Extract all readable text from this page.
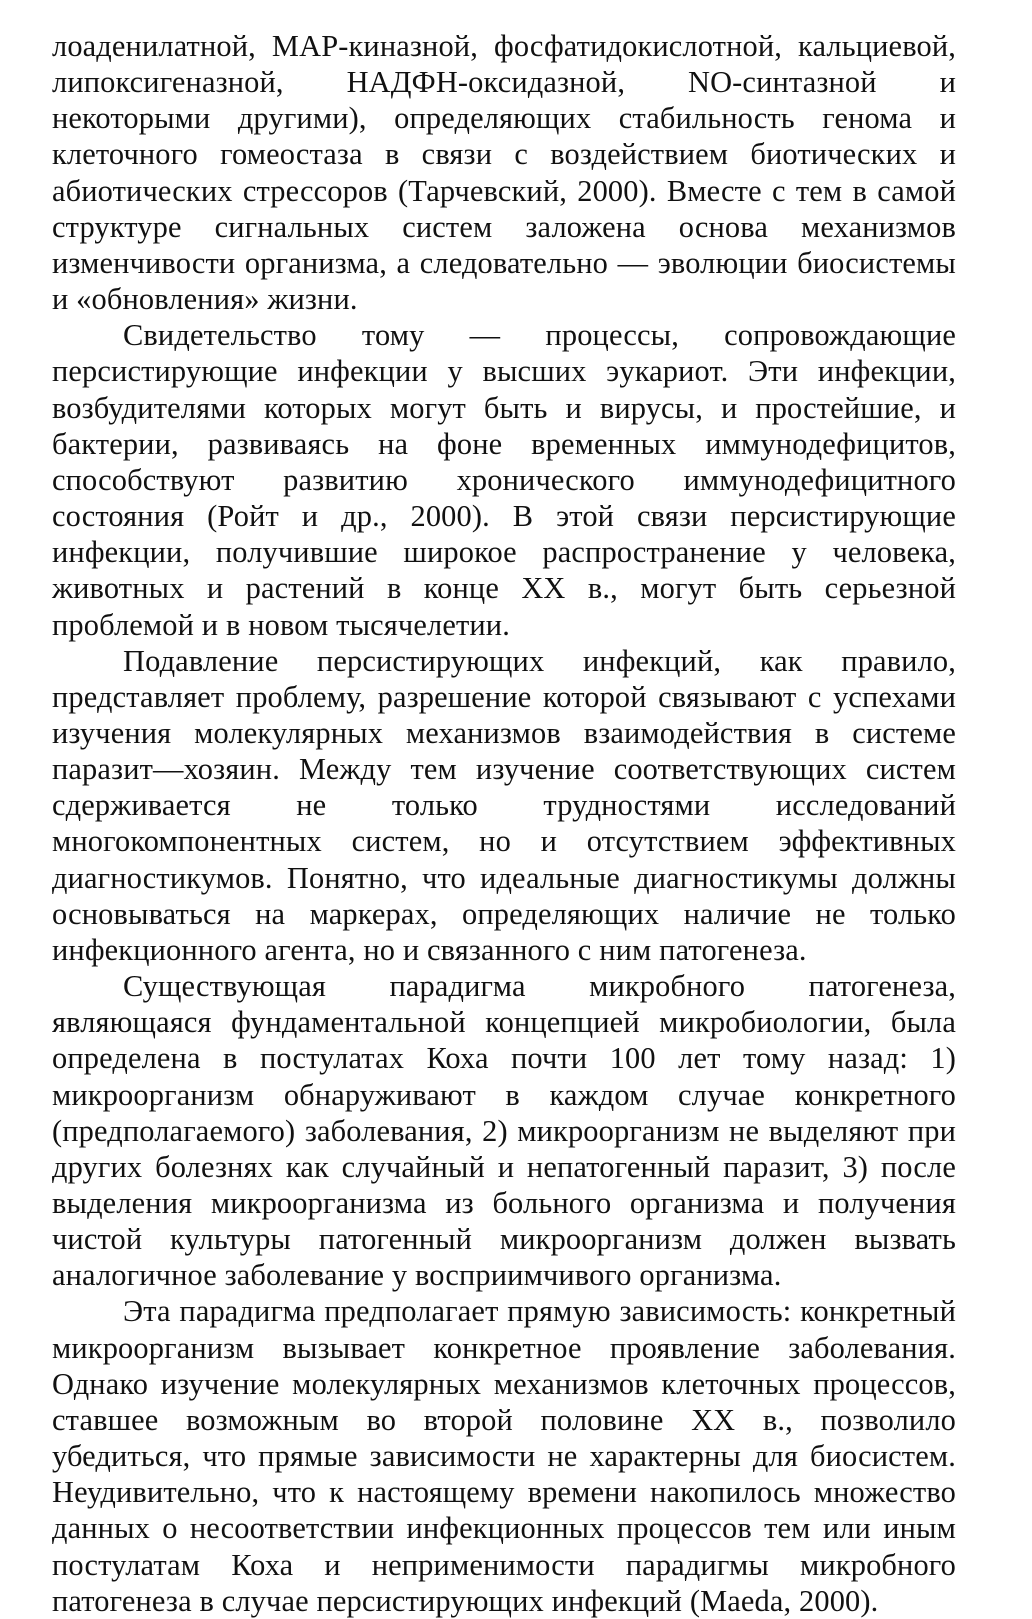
лоаденилатной, MAP-киназной, фосфатидокислотной, кальциевой, липоксигеназной, НАДФН-оксидазной, NO-синтазной и некоторыми другими), определяющих стабильность генома и клеточного гомеостаза в связи с воздействием биотических и абиотических стрессоров (Тарчевский, 2000). Вместе с тем в самой структуре сигнальных систем заложена основа механизмов изменчивости организма, а следовательно — эволюции биосистемы и «обновления» жизни.

Свидетельство тому — процессы, сопровождающие персистирующие инфекции у высших эукариот. Эти инфекции, возбудителями которых могут быть и вирусы, и простейшие, и бактерии, развиваясь на фоне временных иммунодефицитов, способствуют развитию хронического иммунодефицитного состояния (Ройт и др., 2000). В этой связи персистирующие инфекции, получившие широкое распространение у человека, животных и растений в конце XX в., могут быть серьезной проблемой и в новом тысячелетии.

Подавление персистирующих инфекций, как правило, представляет проблему, разрешение которой связывают с успехами изучения молекулярных механизмов взаимодействия в системе паразит—хозяин. Между тем изучение соответствующих систем сдерживается не только трудностями исследований многокомпонентных систем, но и отсутствием эффективных диагностикумов. Понятно, что идеальные диагностикумы должны основываться на маркерах, определяющих наличие не только инфекционного агента, но и связанного с ним патогенеза.

Существующая парадигма микробного патогенеза, являющаяся фундаментальной концепцией микробиологии, была определена в постулатах Коха почти 100 лет тому назад: 1) микроорганизм обнаруживают в каждом случае конкретного (предполагаемого) заболевания, 2) микроорганизм не выделяют при других болезнях как случайный и непатогенный паразит, 3) после выделения микроорганизма из больного организма и получения чистой культуры патогенный микроорганизм должен вызвать аналогичное заболевание у восприимчивого организма.

Эта парадигма предполагает прямую зависимость: конкретный микроорганизм вызывает конкретное проявление заболевания. Однако изучение молекулярных механизмов клеточных процессов, ставшее возможным во второй половине XX в., позволило убедиться, что прямые зависимости не характерны для биосистем. Неудивительно, что к настоящему времени накопилось множество данных о несоответствии инфекционных процессов тем или иным постулатам Коха и неприменимости парадигмы микробного патогенеза в случае персистирующих инфекций (Maeda, 2000).
